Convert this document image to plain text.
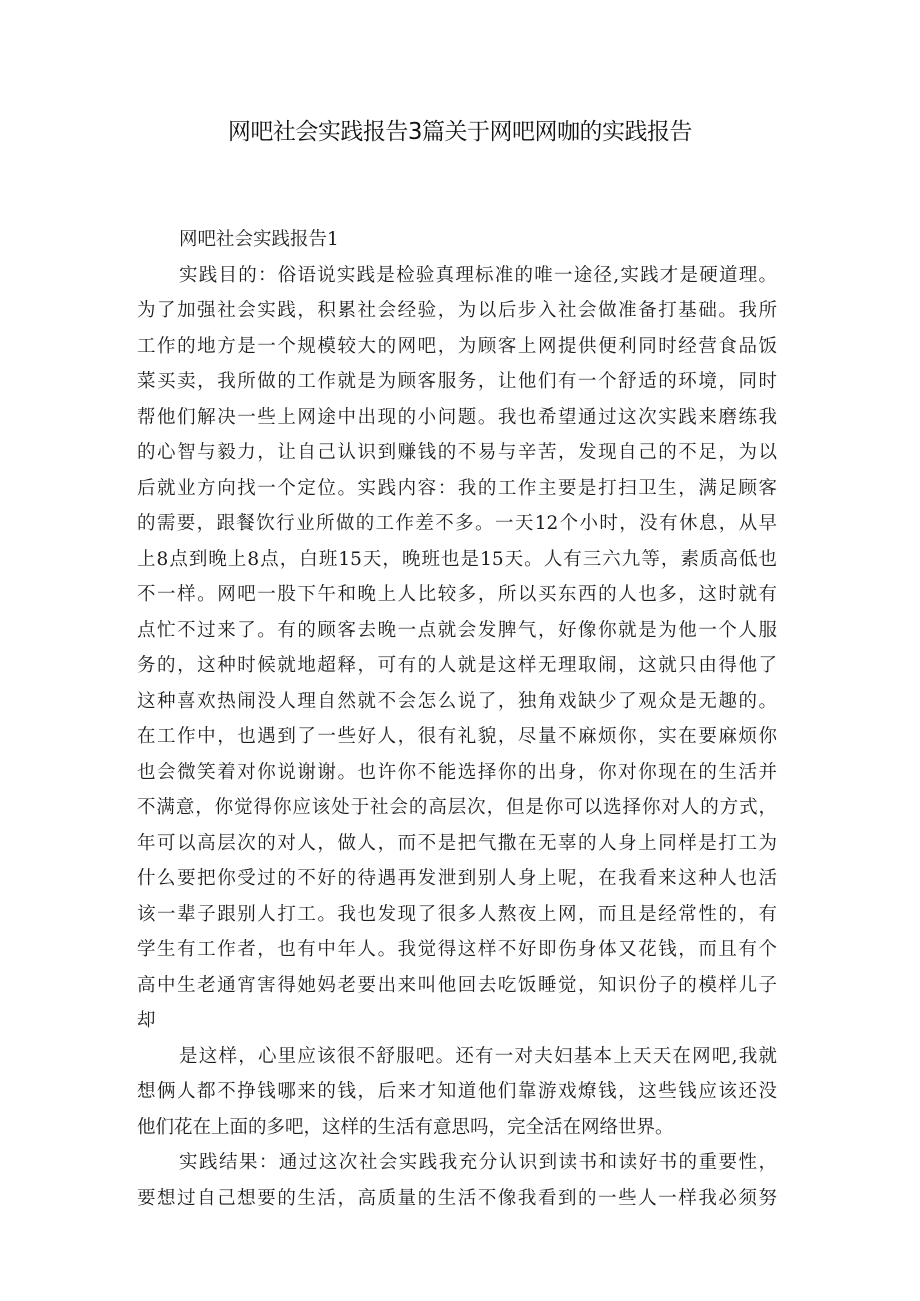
网吧社会实践报告3篇关于网吧网咖的实践报告
网吧社会实践报告1
实践目的：俗语说实践是检验真理标准的唯一途径,实践才是硬道理。
为了加强社会实践，积累社会经验，为以后步入社会做准备打基础。我所
工作的地方是一个规模较大的网吧，为顾客上网提供便利同时经营食品饭
菜买卖，我所做的工作就是为顾客服务，让他们有一个舒适的环境，同时
帮他们解决一些上网途中出现的小问题。我也希望通过这次实践来磨练我
的心智与毅力，让自己认识到赚钱的不易与辛苦，发现自己的不足，为以
后就业方向找一个定位。实践内容：我的工作主要是打扫卫生，满足顾客
的需要，跟餐饮行业所做的工作差不多。一天12个小时，没有休息，从早
上8点到晚上8点，白班15天，晚班也是15天。人有三六九等，素质高低也
不一样。网吧一股下午和晚上人比较多，所以买东西的人也多，这时就有
点忙不过来了。有的顾客去晚一点就会发脾气，好像你就是为他一个人服
务的，这种时候就地超释，可有的人就是这样无理取闹，这就只由得他了
这种喜欢热闹没人理自然就不会怎么说了，独角戏缺少了观众是无趣的。
在工作中，也遇到了一些好人，很有礼貌，尽量不麻烦你，实在要麻烦你
也会微笑着对你说谢谢。也许你不能选择你的出身，你对你现在的生活并
不满意，你觉得你应该处于社会的高层次，但是你可以选择你对人的方式，
年可以高层次的对人，做人，而不是把气撒在无辜的人身上同样是打工为
什么要把你受过的不好的待遇再发泄到别人身上呢，在我看来这种人也活
该一辈子跟别人打工。我也发现了很多人熬夜上网，而且是经常性的，有
学生有工作者，也有中年人。我觉得这样不好即伤身体又花钱，而且有个
高中生老通宵害得她妈老要出来叫他回去吃饭睡觉，知识份子的模样儿子
却
是这样，心里应该很不舒服吧。还有一对夫妇基本上天天在网吧,我就
想俩人都不挣钱哪来的钱，后来才知道他们靠游戏燎钱，这些钱应该还没
他们花在上面的多吧，这样的生活有意思吗，完全活在网络世界。
实践结果：通过这次社会实践我充分认识到读书和读好书的重要性，
要想过自己想要的生活，高质量的生活不像我看到的一些人一样我必须努
